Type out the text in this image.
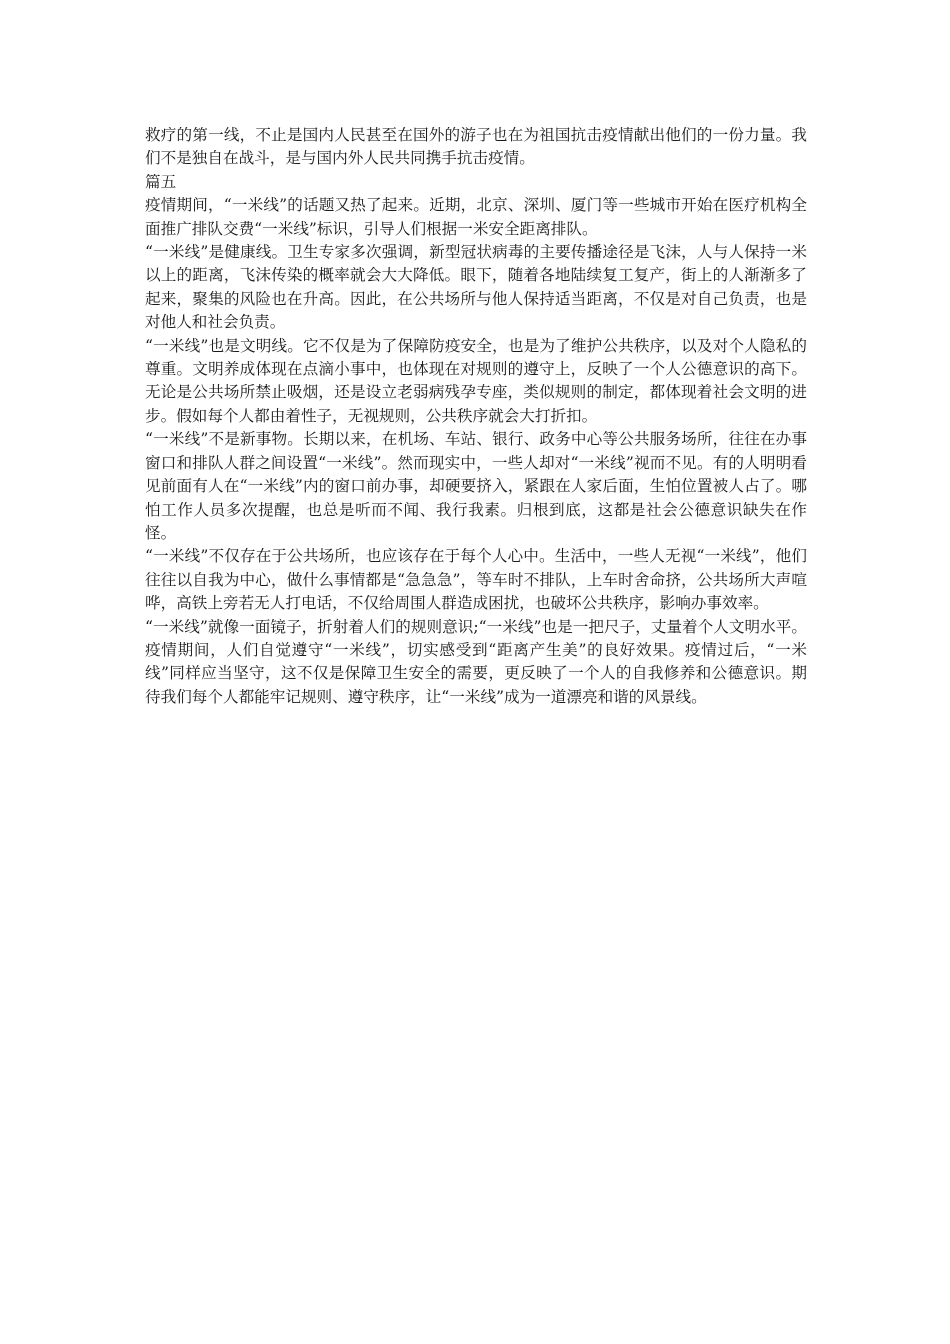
救疗的第一线，不止是国内人民甚至在国外的游子也在为祖国抗击疫情献出他们的一份力量。我们不是独自在战斗，是与国内外人民共同携手抗击疫情。

篇五

疫情期间，“一米线”的话题又热了起来。近期，北京、深圳、厦门等一些城市开始在医疗机构全面推广排队交费“一米线”标识，引导人们根据一米安全距离排队。

“一米线”是健康线。卫生专家多次强调，新型冠状病毒的主要传播途径是飞沫，人与人保持一米以上的距离，飞沫传染的概率就会大大降低。眼下，随着各地陆续复工复产，街上的人渐渐多了起来，聚集的风险也在升高。因此，在公共场所与他人保持适当距离，不仅是对自己负责，也是对他人和社会负责。

“一米线”也是文明线。它不仅是为了保障防疫安全，也是为了维护公共秩序，以及对个人隐私的尊重。文明养成体现在点滴小事中，也体现在对规则的遵守上，反映了一个人公德意识的高下。无论是公共场所禁止吸烟，还是设立老弱病残孕专座，类似规则的制定，都体现着社会文明的进步。假如每个人都由着性子，无视规则，公共秩序就会大打折扣。

“一米线”不是新事物。长期以来，在机场、车站、银行、政务中心等公共服务场所，往往在办事窗口和排队人群之间设置“一米线”。然而现实中，一些人却对“一米线”视而不见。有的人明明看见前面有人在“一米线”内的窗口前办事，却硬要挤入，紧跟在人家后面，生怕位置被人占了。哪怕工作人员多次提醒，也总是听而不闻、我行我素。归根到底，这都是社会公德意识缺失在作怪。

“一米线”不仅存在于公共场所，也应该存在于每个人心中。生活中，一些人无视“一米线”，他们往往以自我为中心，做什么事情都是“急急急”，等车时不排队，上车时舍命挤，公共场所大声喧哗，高铁上旁若无人打电话，不仅给周围人群造成困扰，也破坏公共秩序，影响办事效率。

“一米线”就像一面镜子，折射着人们的规则意识;“一米线”也是一把尺子，丈量着个人文明水平。疫情期间，人们自觉遵守“一米线”，切实感受到“距离产生美”的良好效果。疫情过后，“一米线”同样应当坚守，这不仅是保障卫生安全的需要，更反映了一个人的自我修养和公德意识。期待我们每个人都能牢记规则、遵守秩序，让“一米线”成为一道漂亮和谐的风景线。
